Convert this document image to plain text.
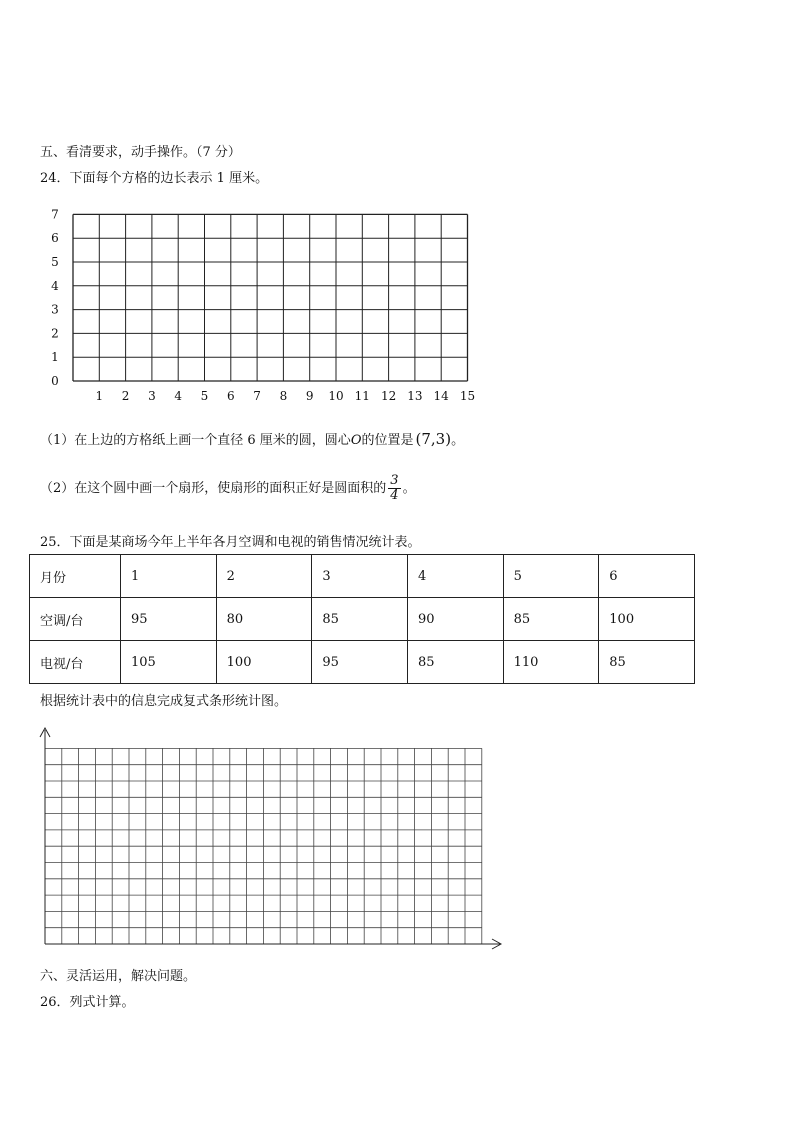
五、看清要求，动手操作。（7 分）
24．下面每个方格的边长表示 1 厘米。
1 2 3 4 5 6 7 8 9 10 11 12 13 14 15
0
1
2
3
4
5
6
7
（1）在上边的方格纸上画一个直径 6 厘米的圆，圆心O的位置是 (7,3)。
（2）在这个圆中画一个扇形，使扇形的面积正好是圆面积的 $\frac{3}{4}$ 。
25．下面是某商场今年上半年各月空调和电视的销售情况统计表。
月份	1	2	3	4	5	6
空调/台	95	80	85	90	85	100
电视/台	105	100	95	85	110	85
根据统计表中的信息完成复式条形统计图。
六、灵活运用，解决问题。
26．列式计算。
